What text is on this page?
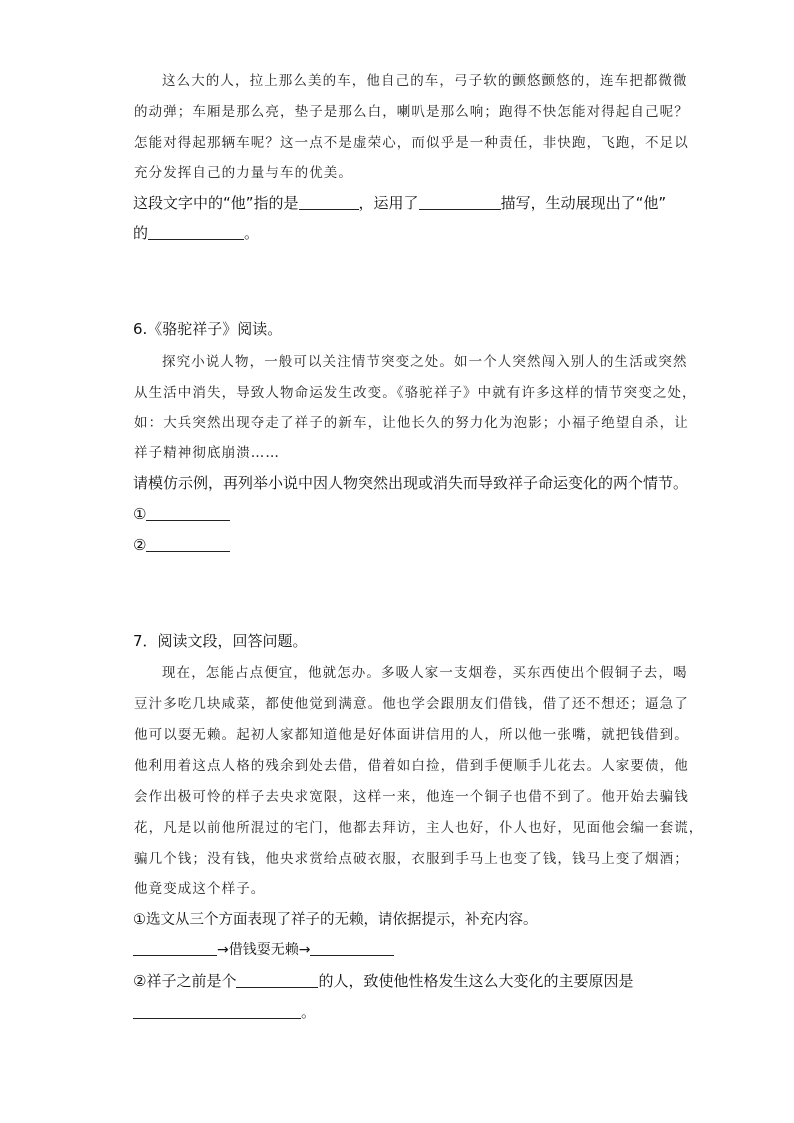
这么大的人，拉上那么美的车，他自己的车，弓子软的颤悠颤悠的，连车把都微微
的动弹；车厢是那么亮，垫子是那么白，喇叭是那么响；跑得不快怎能对得起自己呢？
怎能对得起那辆车呢？这一点不是虚荣心，而似乎是一种责任，非快跑，飞跑，不足以
充分发挥自己的力量与车的优美。
这段文字中的“他”指的是	，运用了	描写，生动展现出了“他”
的	。
6.《骆驼祥子》阅读。
探究小说人物，一般可以关注情节突变之处。如一个人突然闯入别人的生活或突然
从生活中消失，导致人物命运发生改变。《骆驼祥子》中就有许多这样的情节突变之处，
如：大兵突然出现夺走了祥子的新车，让他长久的努力化为泡影；小福子绝望自杀，让
祥子精神彻底崩溃……
请模仿示例，再列举小说中因人物突然出现或消失而导致祥子命运变化的两个情节。
①
②
7．阅读文段，回答问题。
现在，怎能占点便宜，他就怎办。多吸人家一支烟卷，买东西使出个假铜子去，喝
豆汁多吃几块咸菜，都使他觉到满意。他也学会跟朋友们借钱，借了还不想还；逼急了
他可以耍无赖。起初人家都知道他是好体面讲信用的人，所以他一张嘴，就把钱借到。
他利用着这点人格的残余到处去借，借着如白捡，借到手便顺手儿花去。人家要债，他
会作出极可怜的样子去央求宽限，这样一来，他连一个铜子也借不到了。他开始去骗钱
花，凡是以前他所混过的宅门，他都去拜访，主人也好，仆人也好，见面他会编一套谎，
骗几个钱；没有钱，他央求赏给点破衣服，衣服到手马上也变了钱，钱马上变了烟酒；
他竟变成这个样子。
①选文从三个方面表现了祥子的无赖，请依据提示，补充内容。
→借钱耍无赖→
②祥子之前是个	的人，致使他性格发生这么大变化的主要原因是
。
